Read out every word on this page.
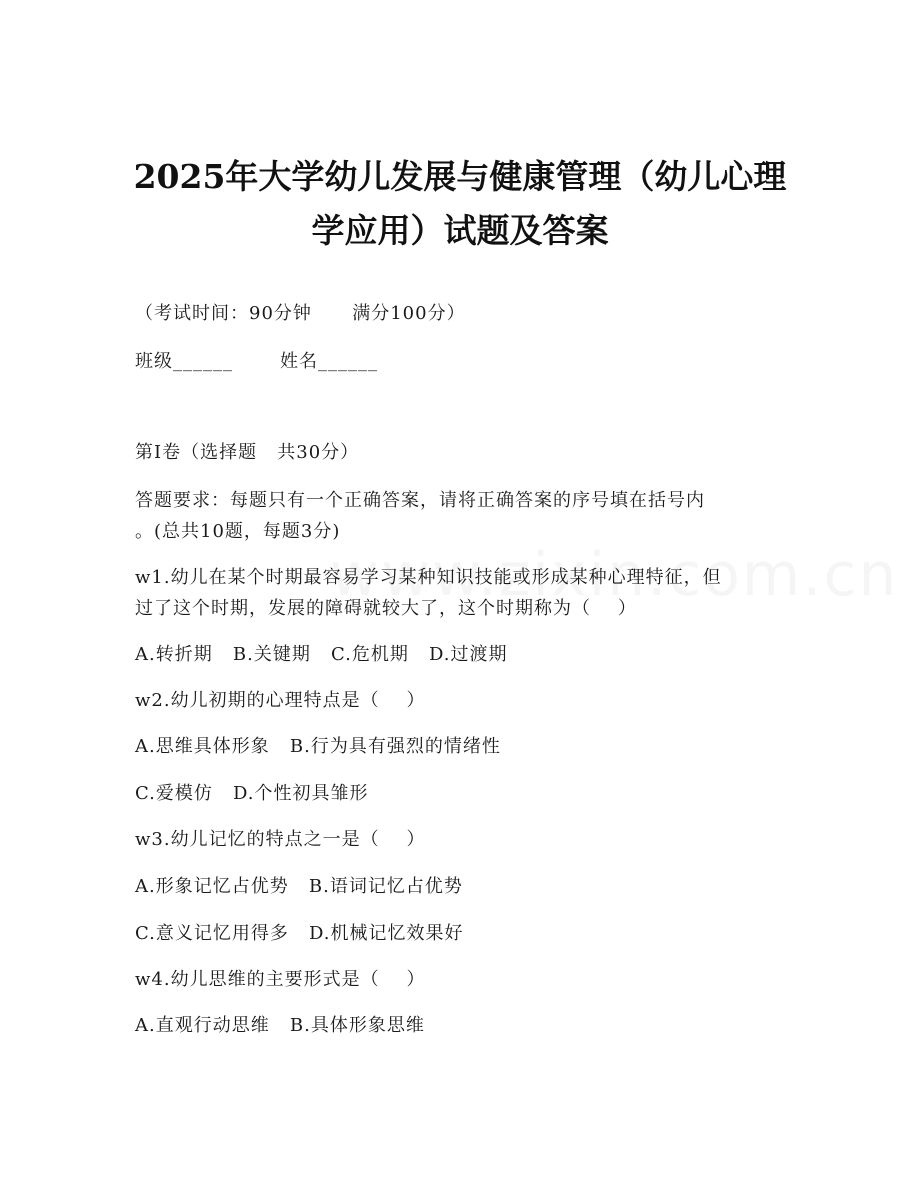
2025年大学幼儿发展与健康管理（幼儿心理
学应用）试题及答案
（考试时间：90分钟      满分100分）
班级______       姓名______
第I卷（选择题   共30分）
答题要求：每题只有一个正确答案，请将正确答案的序号填在括号内
。(总共10题，每题3分)
w1.幼儿在某个时期最容易学习某种知识技能或形成某种心理特征，但
过了这个时期，发展的障碍就较大了，这个时期称为（    ）
A.转折期   B.关键期   C.危机期   D.过渡期
w2.幼儿初期的心理特点是（    ）
A.思维具体形象   B.行为具有强烈的情绪性
C.爱模仿   D.个性初具雏形
w3.幼儿记忆的特点之一是（    ）
A.形象记忆占优势   B.语词记忆占优势
C.意义记忆用得多   D.机械记忆效果好
w4.幼儿思维的主要形式是（    ）
A.直观行动思维   B.具体形象思维
